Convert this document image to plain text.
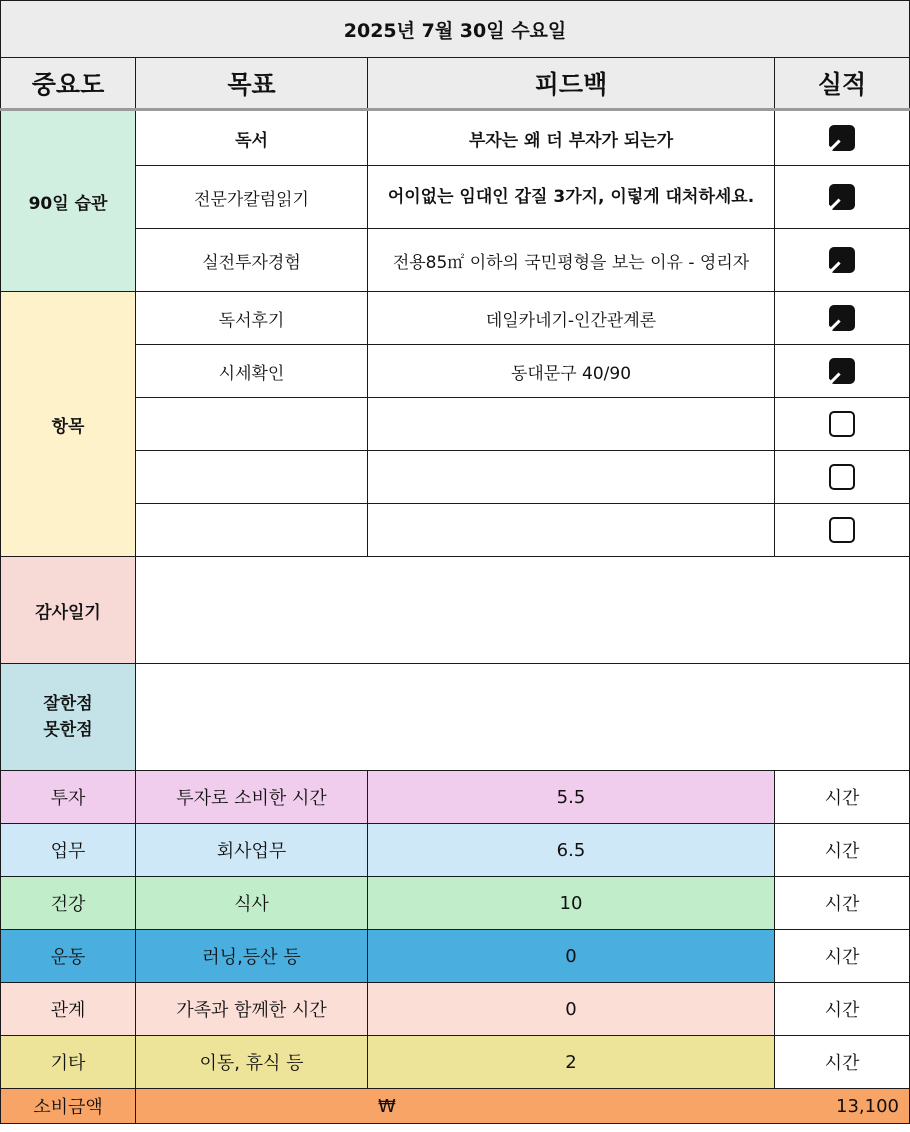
2025년 7월 30일 수요일			
중요도	목표	피드백	실적
90일 습관	독서	부자는 왜 더 부자가 되는가	
	전문가칼럼읽기	어이없는 임대인 갑질 3가지, 이렇게 대처하세요.	
	실전투자경험	전용85㎡ 이하의 국민평형을 보는 이유 - 영리자	
항목	독서후기	데일카네기-인간관계론	
	시세확인	동대문구 40/90	

감사일기			
잘한점
못한점			
투자	투자로 소비한 시간	5.5	시간
업무	회사업무	6.5	시간
건강	식사	10	시간
운동	러닝,등산 등	0	시간
관계	가족과 함께한 시간	0	시간
기타	이동, 휴식 등	2	시간
소비금액	₩ 13,100		
